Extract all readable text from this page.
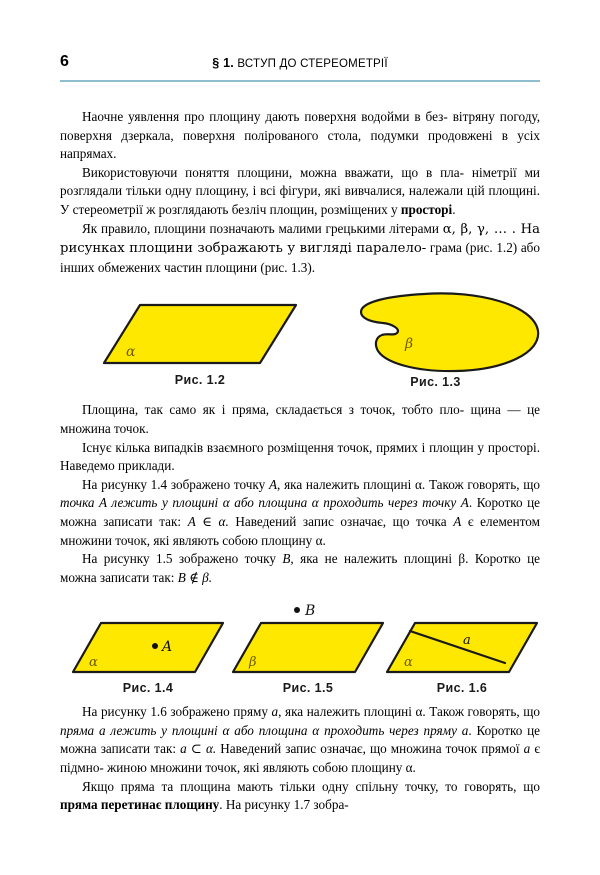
6	§ 1. ВСТУП ДО СТЕРЕОМЕТРІЇ

Наочне уявлення про площину дають поверхня водойми в без- вітряну погоду, поверхня дзеркала, поверхня полірованого стола, подумки продовжені в усіх напрямах.

Використовуючи поняття площини, можна вважати, що в пла- німетрії ми розглядали тільки одну площину, і всі фігури, які вивчалися, належали цій площині. У стереометрії ж розглядають безліч площин, розміщених у просторі.

Як правило, площини позначають малими грецькими літерами α, β, γ, … . На рисунках площини зображають у вигляді паралело- грама (рис. 1.2) або інших обмежених частин площини (рис. 1.3).

α
Рис. 1.2
β
Рис. 1.3

Площина, так само як і пряма, складається з точок, тобто пло- щина — це множина точок.

Існує кілька випадків взаємного розміщення точок, прямих і площин у просторі. Наведемо приклади.

На рисунку 1.4 зображено точку A, яка належить площині α. Також говорять, що точка A лежить у площині α або площина α проходить через точку A. Коротко це можна записати так: A ∈ α. Наведений запис означає, що точка A є елементом множини точок, які являють собою площину α.

На рисунку 1.5 зображено точку B, яка не належить площині β. Коротко це можна записати так: B ∉ β.

A
α
Рис. 1.4
B
β
Рис. 1.5
a
α
Рис. 1.6

На рисунку 1.6 зображено пряму a, яка належить площині α. Також говорять, що пряма a лежить у площині α або площина α проходить через пряму a. Коротко це можна записати так: a ⊂ α. Наведений запис означає, що множина точок прямої a є підмно- жиною множини точок, які являють собою площину α.

Якщо пряма та площина мають тільки одну спільну точку, то говорять, що пряма перетинає площину. На рисунку 1.7 зобра-
